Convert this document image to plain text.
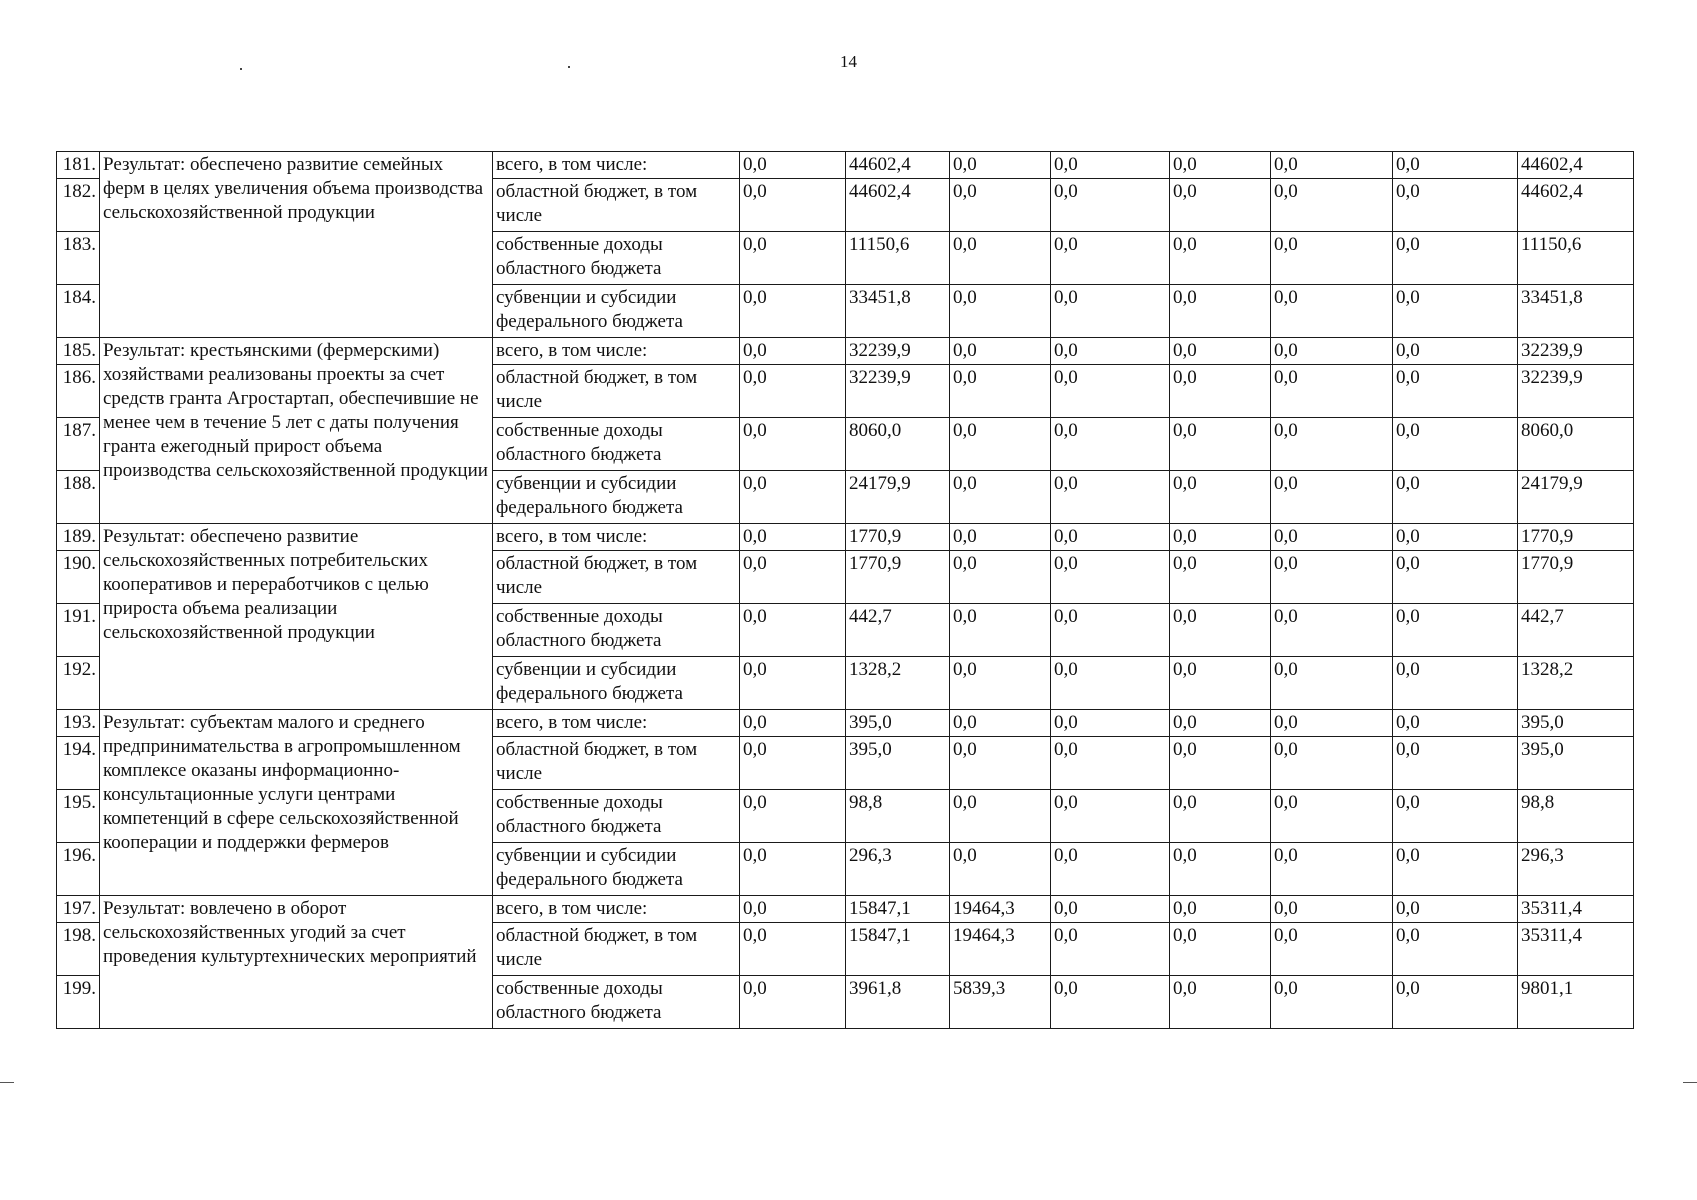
14
181.	Результат: обеспечено развитие семейных ферм в целях увеличения объема производства сельскохозяйственной продукции	всего, в том числе:	0,0	44602,4	0,0	0,0	0,0	0,0	0,0	44602,4
182.		областной бюджет, в том числе	0,0	44602,4	0,0	0,0	0,0	0,0	0,0	44602,4
183.		собственные доходы областного бюджета	0,0	11150,6	0,0	0,0	0,0	0,0	0,0	11150,6
184.		субвенции и субсидии федерального бюджета	0,0	33451,8	0,0	0,0	0,0	0,0	0,0	33451,8
185.	Результат: крестьянскими (фермерскими) хозяйствами реализованы проекты за счет средств гранта Агростартап, обеспечившие не менее чем в течение 5 лет с даты получения гранта ежегодный прирост объема производства сельскохозяйственной продукции	всего, в том числе:	0,0	32239,9	0,0	0,0	0,0	0,0	0,0	32239,9
186.		областной бюджет, в том числе	0,0	32239,9	0,0	0,0	0,0	0,0	0,0	32239,9
187.		собственные доходы областного бюджета	0,0	8060,0	0,0	0,0	0,0	0,0	0,0	8060,0
188.		субвенции и субсидии федерального бюджета	0,0	24179,9	0,0	0,0	0,0	0,0	0,0	24179,9
189.	Результат: обеспечено развитие сельскохозяйственных потребительских кооперативов и переработчиков с целью прироста объема реализации сельскохозяйственной продукции	всего, в том числе:	0,0	1770,9	0,0	0,0	0,0	0,0	0,0	1770,9
190.		областной бюджет, в том числе	0,0	1770,9	0,0	0,0	0,0	0,0	0,0	1770,9
191.		собственные доходы областного бюджета	0,0	442,7	0,0	0,0	0,0	0,0	0,0	442,7
192.		субвенции и субсидии федерального бюджета	0,0	1328,2	0,0	0,0	0,0	0,0	0,0	1328,2
193.	Результат: субъектам малого и среднего предпринимательства в агропромышленном комплексе оказаны информационно-консультационные услуги центрами компетенций в сфере сельскохозяйственной кооперации и поддержки фермеров	всего, в том числе:	0,0	395,0	0,0	0,0	0,0	0,0	0,0	395,0
194.		областной бюджет, в том числе	0,0	395,0	0,0	0,0	0,0	0,0	0,0	395,0
195.		собственные доходы областного бюджета	0,0	98,8	0,0	0,0	0,0	0,0	0,0	98,8
196.		субвенции и субсидии федерального бюджета	0,0	296,3	0,0	0,0	0,0	0,0	0,0	296,3
197.	Результат: вовлечено в оборот сельскохозяйственных угодий за счет проведения культуртехнических мероприятий	всего, в том числе:	0,0	15847,1	19464,3	0,0	0,0	0,0	0,0	35311,4
198.		областной бюджет, в том числе	0,0	15847,1	19464,3	0,0	0,0	0,0	0,0	35311,4
199.		собственные доходы областного бюджета	0,0	3961,8	5839,3	0,0	0,0	0,0	0,0	9801,1
